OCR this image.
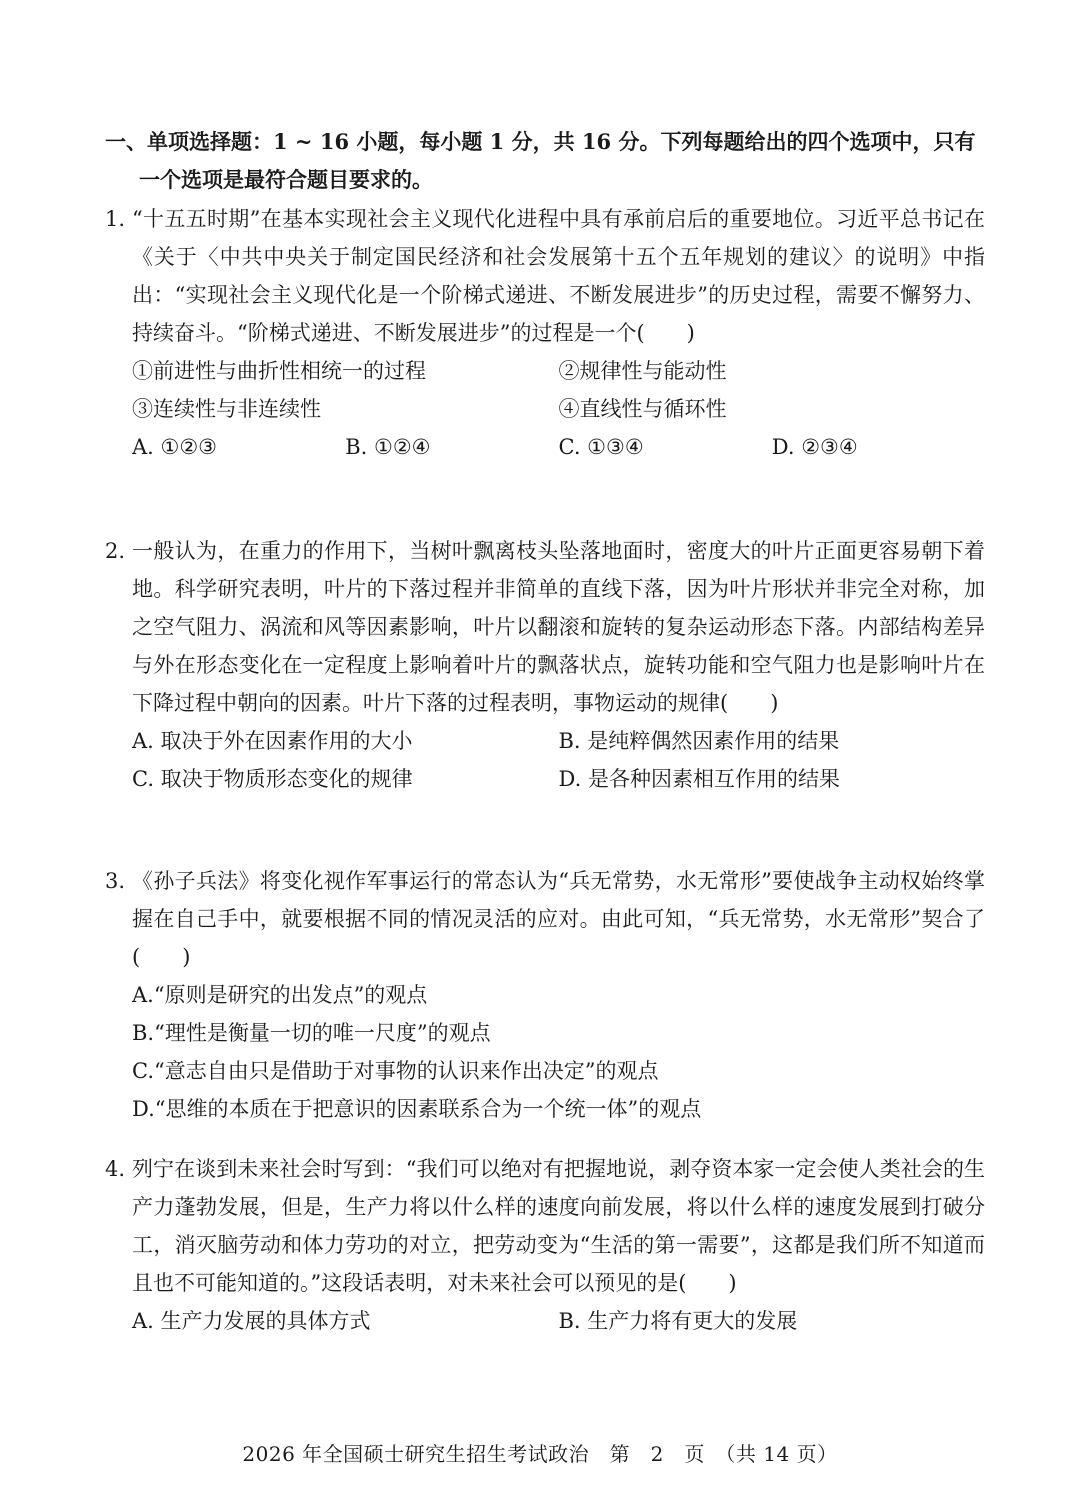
一、单项选择题：1 ~ 16 小题，每小题 1 分，共 16 分。下列每题给出的四个选项中，只有
一个选项是最符合题目要求的。
1. “十五五时期”在基本实现社会主义现代化进程中具有承前启后的重要地位。习近平总书记在《关于〈中共中央关于制定国民经济和社会发展第十五个五年规划的建议〉的说明》中指出：“实现社会主义现代化是一个阶梯式递进、不断发展进步”的历史过程，需要不懈努力、持续奋斗。“阶梯式递进、不断发展进步”的过程是一个(　　)
①前进性与曲折性相统一的过程	②规律性与能动性
③连续性与非连续性	④直线性与循环性
A. ①②③	B. ①②④	C. ①③④	D. ②③④
2. 一般认为，在重力的作用下，当树叶飘离枝头坠落地面时，密度大的叶片正面更容易朝下着地。科学研究表明，叶片的下落过程并非简单的直线下落，因为叶片形状并非完全对称，加之空气阻力、涡流和风等因素影响，叶片以翻滚和旋转的复杂运动形态下落。内部结构差异与外在形态变化在一定程度上影响着叶片的飘落状点，旋转功能和空气阻力也是影响叶片在下降过程中朝向的因素。叶片下落的过程表明，事物运动的规律(　　)
A. 取决于外在因素作用的大小	B. 是纯粹偶然因素作用的结果
C. 取决于物质形态变化的规律	D. 是各种因素相互作用的结果
3. 《孙子兵法》将变化视作军事运行的常态认为“兵无常势，水无常形”要使战争主动权始终掌握在自己手中，就要根据不同的情况灵活的应对。由此可知，“兵无常势，水无常形”契合了(　　)
A.“原则是研究的出发点”的观点
B.“理性是衡量一切的唯一尺度”的观点
C.“意志自由只是借助于对事物的认识来作出决定”的观点
D.“思维的本质在于把意识的因素联系合为一个统一体”的观点
4. 列宁在谈到未来社会时写到：“我们可以绝对有把握地说，剥夺资本家一定会使人类社会的生产力蓬勃发展，但是，生产力将以什么样的速度向前发展，将以什么样的速度发展到打破分工，消灭脑劳动和体力劳功的对立，把劳动变为“生活的第一需要”，这都是我们所不知道而且也不可能知道的。”这段话表明，对未来社会可以预见的是(　　)
A. 生产力发展的具体方式	B. 生产力将有更大的发展
2026 年全国硕士研究生招生考试政治　第　2　页　（共 14 页）
